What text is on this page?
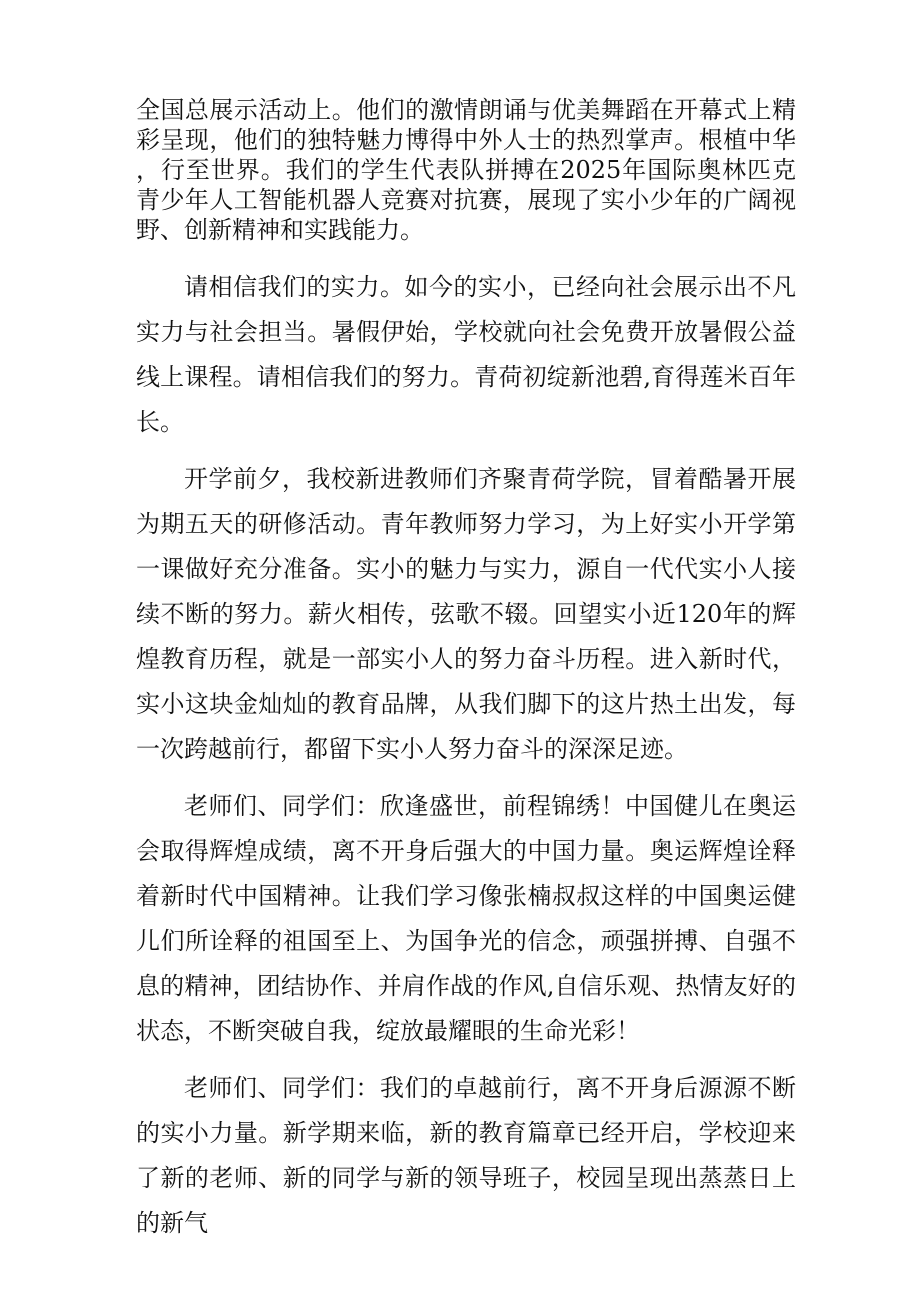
全国总展示活动上。他们的激情朗诵与优美舞蹈在开幕式上精彩呈现，他们的独特魅力博得中外人士的热烈掌声。根植中华，行至世界。我们的学生代表队拼搏在2025年国际奥林匹克青少年人工智能机器人竞赛对抗赛，展现了实小少年的广阔视野、创新精神和实践能力。

请相信我们的实力。如今的实小，已经向社会展示出不凡实力与社会担当。暑假伊始，学校就向社会免费开放暑假公益线上课程。请相信我们的努力。青荷初绽新池碧,育得莲米百年长。

开学前夕，我校新进教师们齐聚青荷学院，冒着酷暑开展为期五天的研修活动。青年教师努力学习，为上好实小开学第一课做好充分准备。实小的魅力与实力，源自一代代实小人接续不断的努力。薪火相传，弦歌不辍。回望实小近120年的辉煌教育历程，就是一部实小人的努力奋斗历程。进入新时代，实小这块金灿灿的教育品牌，从我们脚下的这片热土出发，每一次跨越前行，都留下实小人努力奋斗的深深足迹。

老师们、同学们：欣逢盛世，前程锦绣！中国健儿在奥运会取得辉煌成绩，离不开身后强大的中国力量。奥运辉煌诠释着新时代中国精神。让我们学习像张楠叔叔这样的中国奥运健儿们所诠释的祖国至上、为国争光的信念，顽强拼搏、自强不息的精神，团结协作、并肩作战的作风,自信乐观、热情友好的状态，不断突破自我，绽放最耀眼的生命光彩！

老师们、同学们：我们的卓越前行，离不开身后源源不断的实小力量。新学期来临，新的教育篇章已经开启，学校迎来了新的老师、新的同学与新的领导班子，校园呈现出蒸蒸日上的新气
